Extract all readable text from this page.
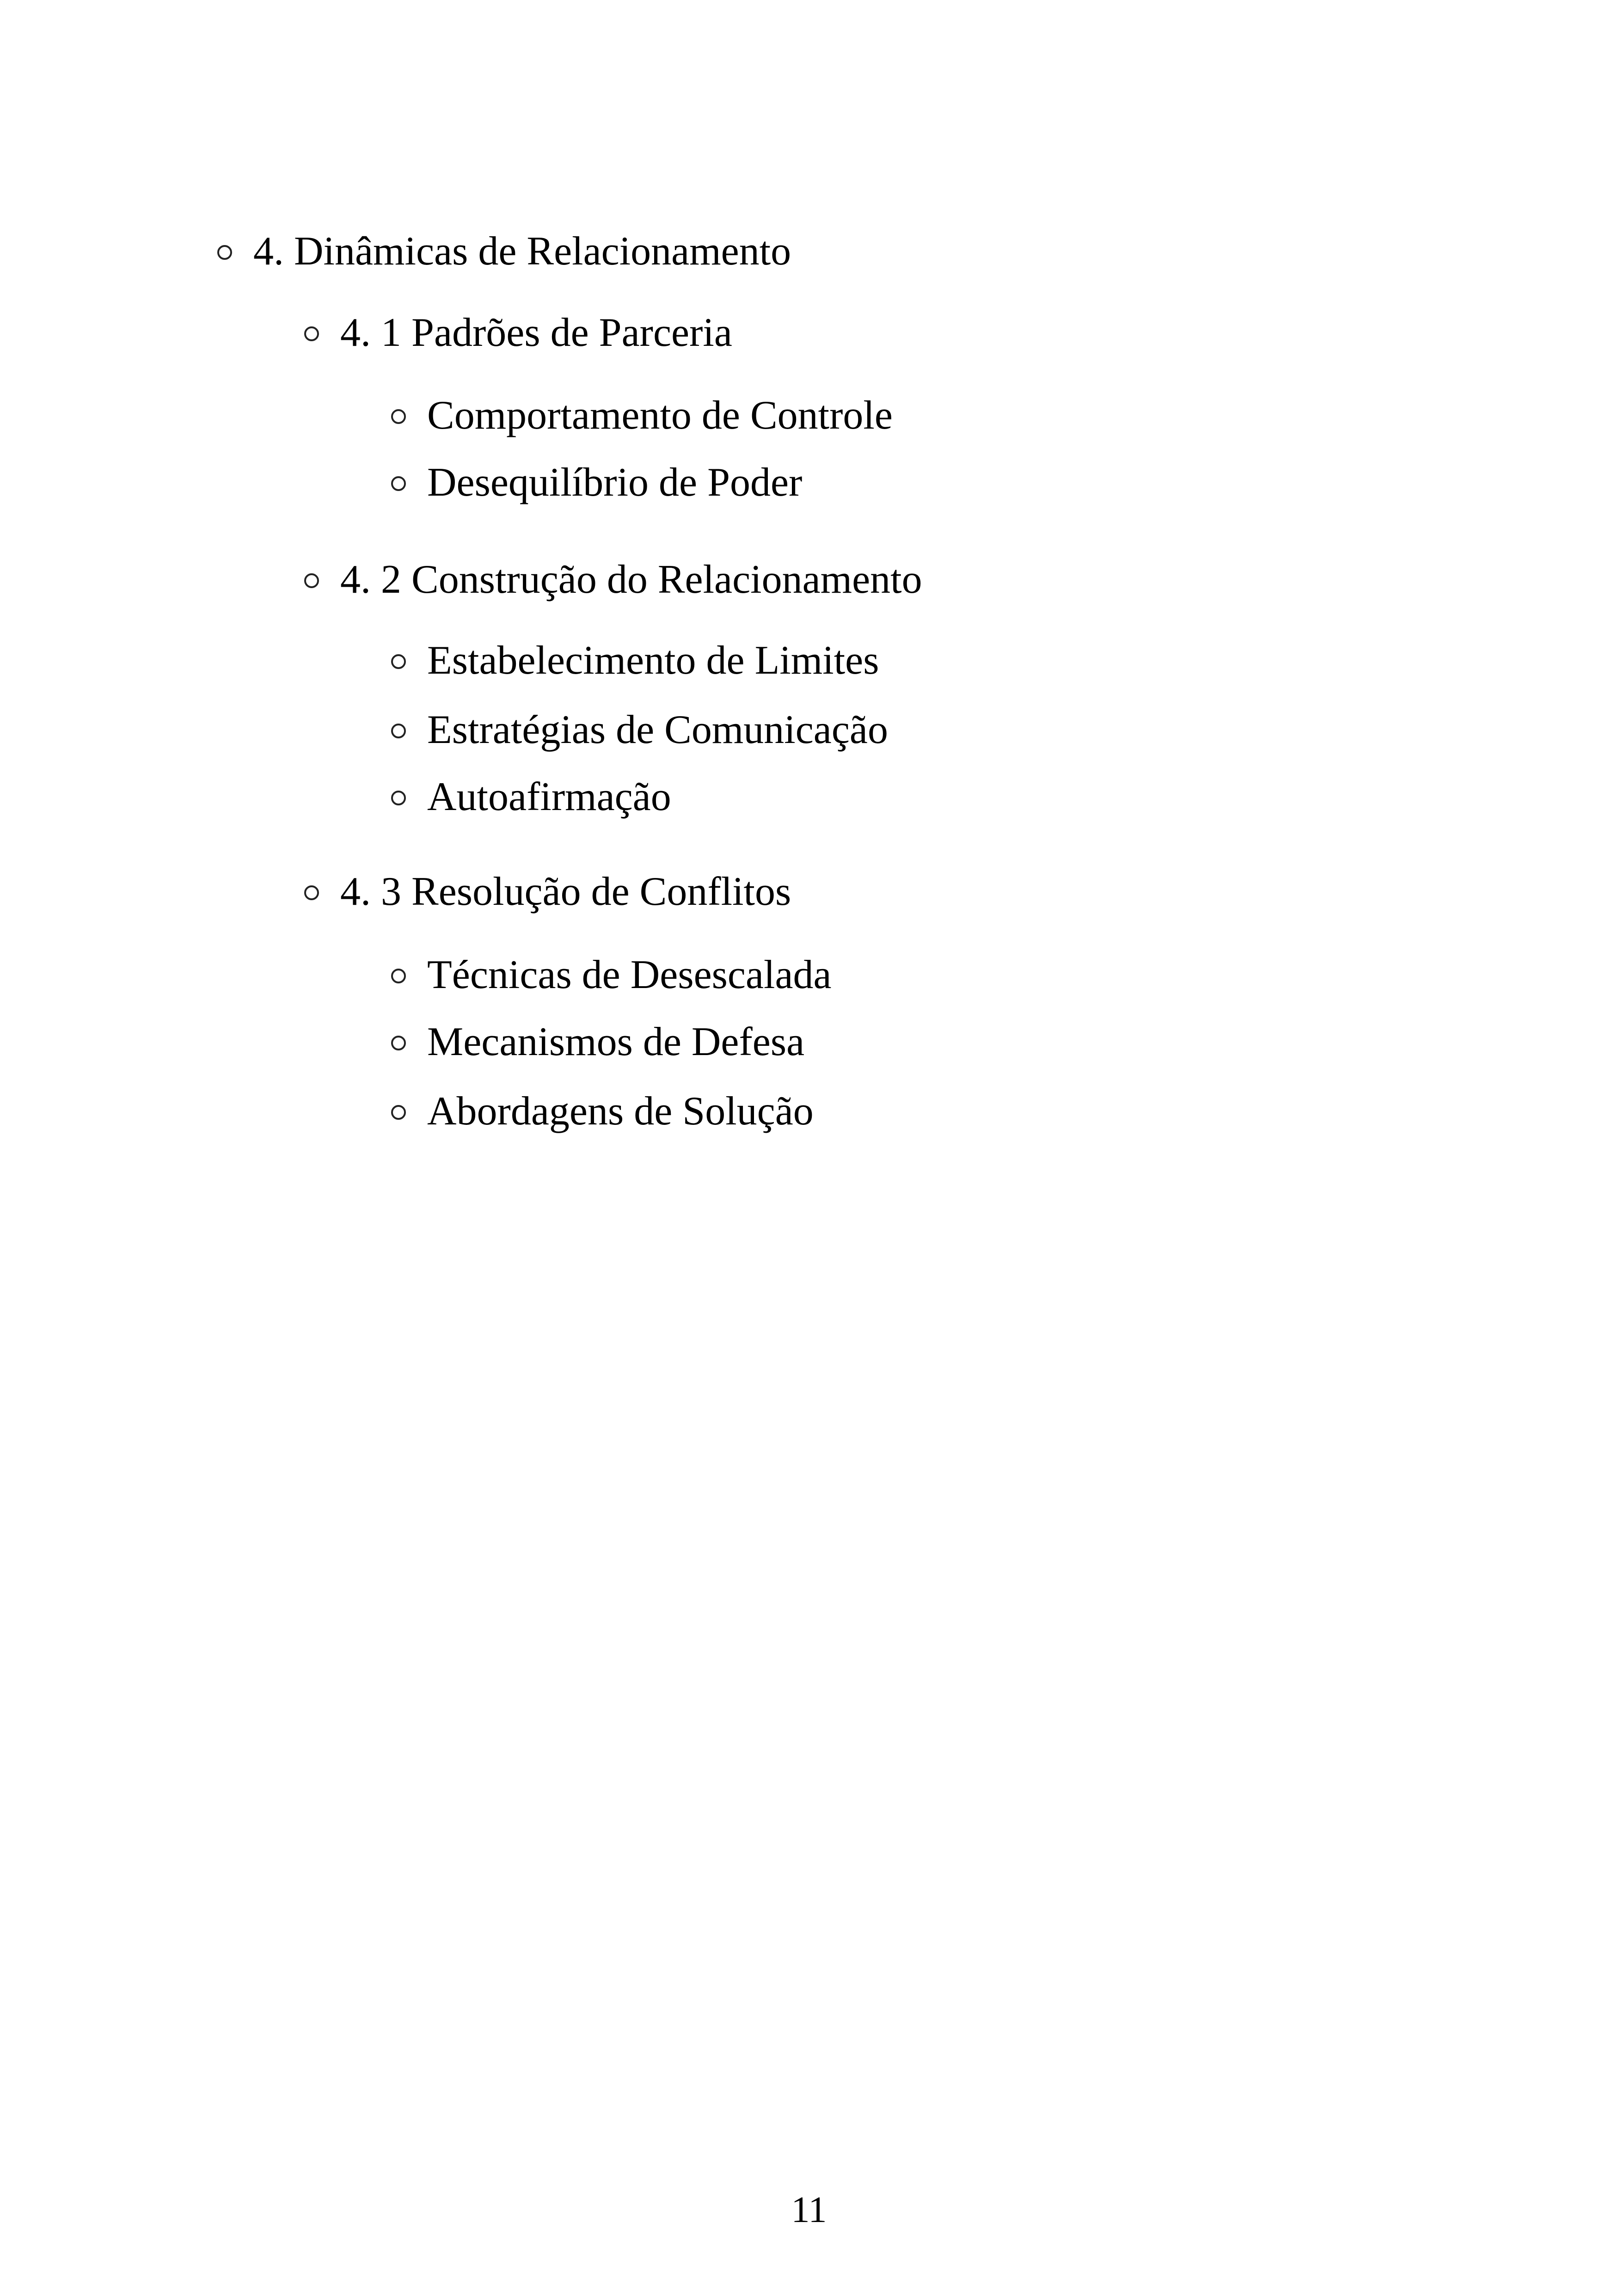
4. Dinâmicas de Relacionamento
4. 1 Padrões de Parceria
Comportamento de Controle
Desequilíbrio de Poder
4. 2 Construção do Relacionamento
Estabelecimento de Limites
Estratégias de Comunicação
Autoafirmação
4. 3 Resolução de Conflitos
Técnicas de Desescalada
Mecanismos de Defesa
Abordagens de Solução
11
